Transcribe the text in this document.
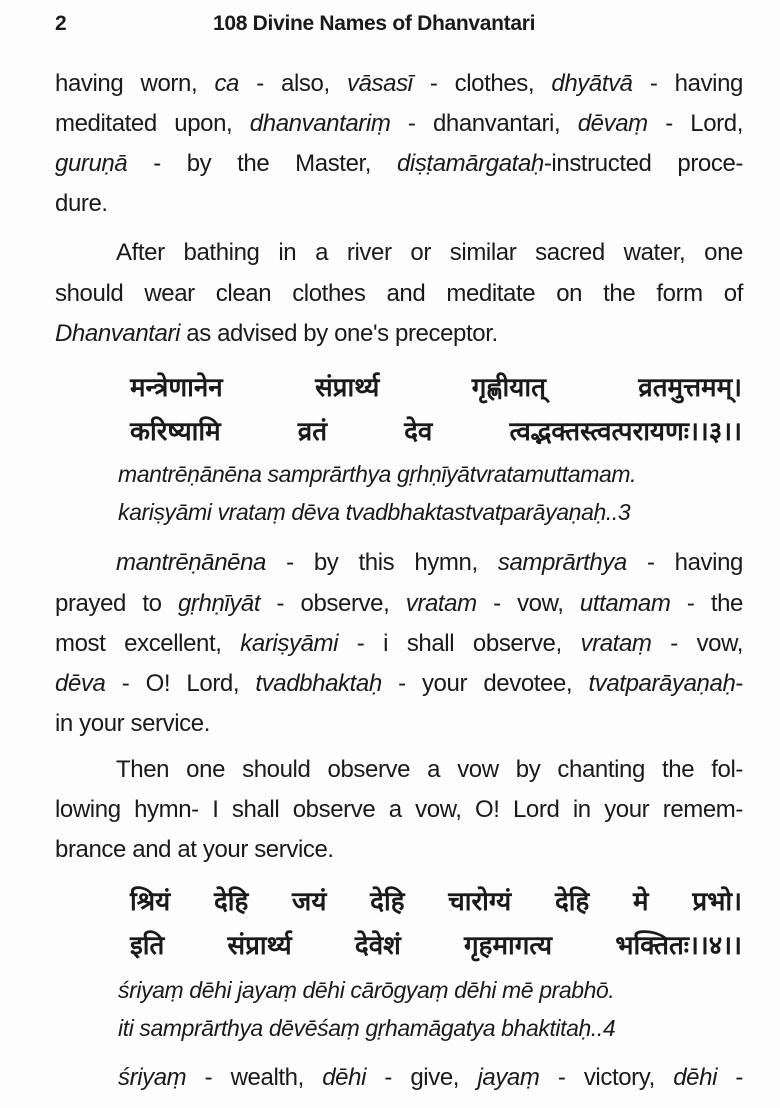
2	108 Divine Names of Dhanvantari
having worn, ca - also, vāsasī - clothes, dhyātvā - having
meditated upon, dhanvantariṃ - dhanvantari, dēvaṃ - Lord,
guruṇā - by the Master, diṣṭamārgataḥ-instructed proce-
dure.
After bathing in a river or similar sacred water, one
should wear clean clothes and meditate on the form of
Dhanvantari as advised by one's preceptor.
मन्त्रेणानेन संप्रार्थ्य गृह्णीयात् व्रतमुत्तमम्।
करिष्यामि व्रतं देव त्वद्भक्तस्त्वत्परायणः।।३।।
mantrēṇānēna samprārthya gṛhṇīyātvratamuttamam.
kariṣyāmi vrataṃ dēva tvadbhaktastvatparāyaṇaḥ..3
mantrēṇānēna - by this hymn, samprārthya - having
prayed to gṛhṇīyāt - observe, vratam - vow, uttamam - the
most excellent, kariṣyāmi - i shall observe, vrataṃ - vow,
dēva - O! Lord, tvadbhaktaḥ - your devotee, tvatparāyaṇaḥ-
in your service.
Then one should observe a vow by chanting the fol-
lowing hymn- I shall observe a vow, O! Lord in your remem-
brance and at your service.
श्रियं देहि जयं देहि चारोग्यं देहि मे प्रभो।
इति संप्रार्थ्य देवेशं गृहमागत्य भक्तितः।।४।।
śriyaṃ dēhi jayaṃ dēhi cārōgyaṃ dēhi mē prabhō.
iti samprārthya dēvēśaṃ gṛhamāgatya bhaktitaḥ..4
śriyaṃ - wealth, dēhi - give, jayaṃ - victory, dēhi -
